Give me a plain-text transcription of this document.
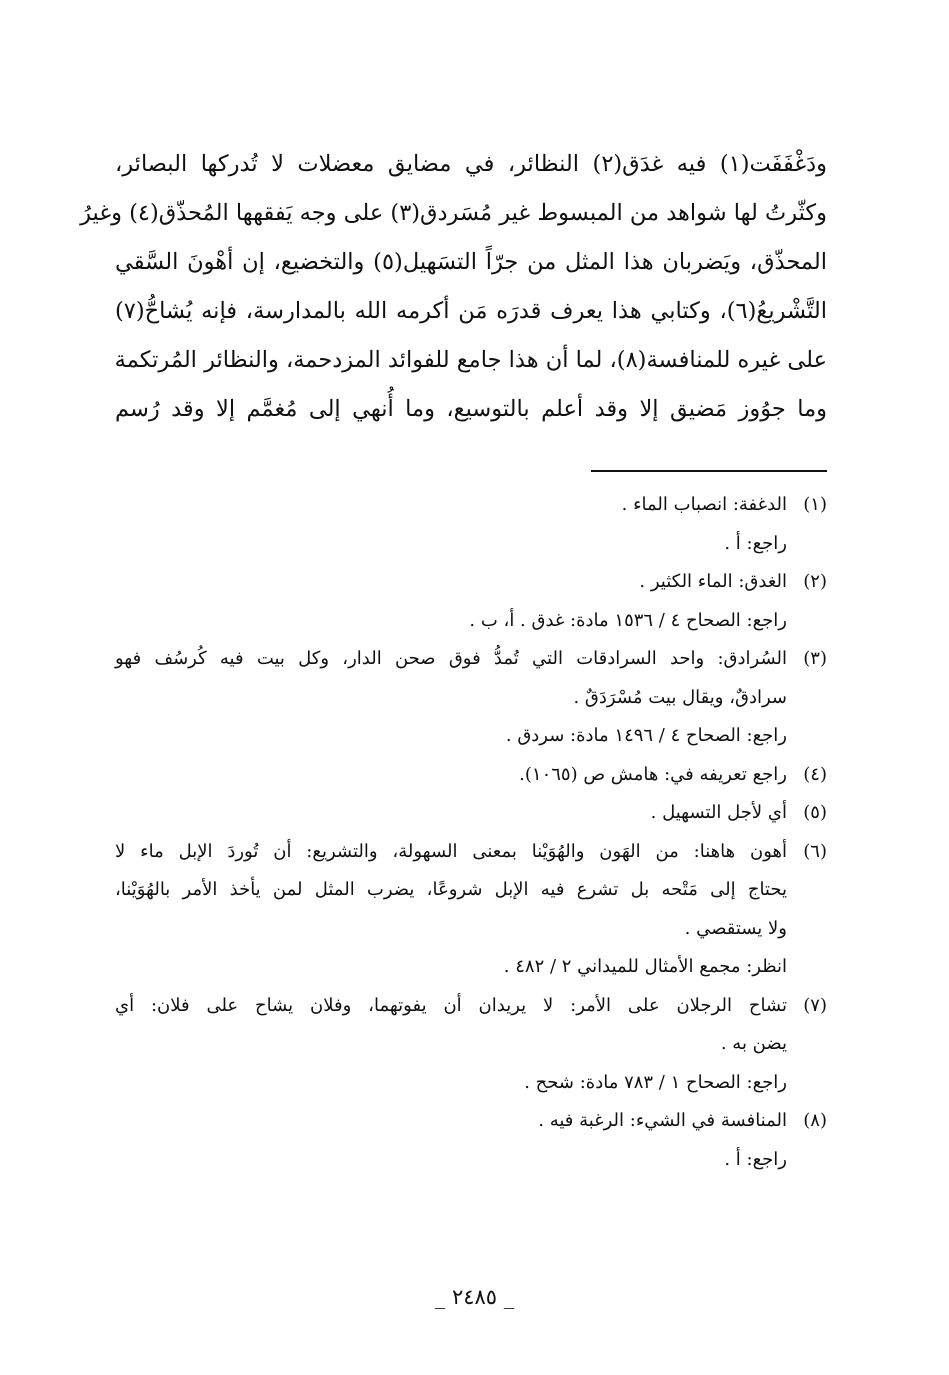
ودَغْفَفَت(١) فيه غدَق(٢) النظائر، في مضايق معضلات لا تُدركها البصائر،
وكثّرتُ لها شواهد من المبسوط غير مُسَردق(٣) على وجه يَفقهها المُحذّق(٤) وغيرُ
المحذّق، ويَضربان هذا المثل من جرّاً التسَهيل(٥) والتخضيع، إن أهْونَ السَّقي
التَّشْريعُ(٦)، وكتابي هذا يعرف قدرَه مَن أكرمه الله بالمدارسة، فإنه يُشاحُّ(٧)
على غيره للمنافسة(٨)، لما أن هذا جامع للفوائد المزدحمة، والنظائر المُرتكمة
وما جوُوز مَضيق إلا وقد أعلم بالتوسيع، وما أُنهي إلى مُغمَّم إلا وقد رُسم
(١)
الدغفة: انصباب الماء .
راجع: أ .
(٢)
الغدق: الماء الكثير .
راجع: الصحاح ٤ / ١٥٣٦ مادة: غدق . أ، ب .
(٣)
السُرادق: واحد السرادقات التي تُمدُّ فوق صحن الدار، وكل بيت فيه كُرسُف فهو
سرادقٌ، ويقال بيت مُسْرَدَقٌ .
راجع: الصحاح ٤ / ١٤٩٦ مادة: سردق .
(٤)
راجع تعريفه في: هامش ص (١٠٦٥).
(٥)
أي لأجل التسهيل .
(٦)
أهون هاهنا: من الهَون والهُوَيْنا بمعنى السهولة، والتشريع: أن تُوردَ الإبل ماء لا
يحتاج إلى مَتْحه بل تشرع فيه الإبل شروعًا، يضرب المثل لمن يأخذ الأمر بالهُوَيْنا،
ولا يستقصي .
انظر: مجمع الأمثال للميداني ٢ / ٤٨٢ .
(٧)
تشاح الرجلان على الأمر: لا يريدان أن يفوتهما، وفلان يشاح على فلان: أي
يضن به .
راجع: الصحاح ١ / ٧٨٣ مادة: شحح .
(٨)
المنافسة في الشيء: الرغبة فيه .
راجع: أ .
_ ٢٤٨٥ _
